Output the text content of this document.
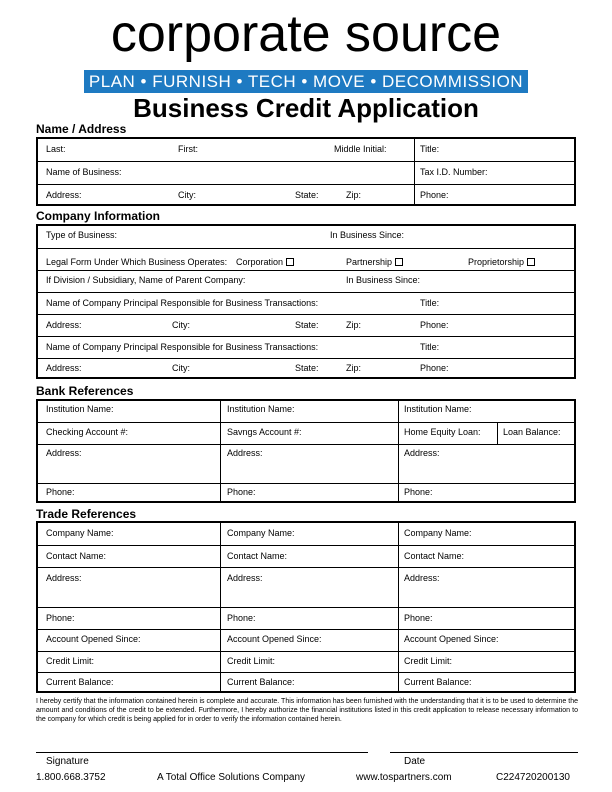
corporate source
PLAN • FURNISH • TECH • MOVE • DECOMMISSION
Business Credit Application
Name / Address
Last:	First:	Middle Initial:	Title:
Name of Business:	Tax I.D. Number:
Address:	City:	State:	Zip:	Phone:
Company Information
Type of Business:	In Business Since:
Legal Form Under Which Business Operates: Corporation	Partnership	Proprietorship
If Division / Subsidiary, Name of Parent Company:	In Business Since:
Name of Company Principal Responsible for Business Transactions:	Title:
Address:	City:	State:	Zip:	Phone:
Name of Company Principal Responsible for Business Transactions:	Title:
Address:	City:	State:	Zip:	Phone:
Bank References
Institution Name:	Institution Name:	Institution Name:
Checking Account #:	Savngs Account #:	Home Equity Loan: Loan Balance:
Address:	Address:	Address:
Phone:	Phone:	Phone:
Trade References
Company Name:	Company Name:	Company Name:
Contact Name:	Contact Name:	Contact Name:
Address:	Address:	Address:
Phone:	Phone:	Phone:
Account Opened Since:	Account Opened Since:	Account Opened Since:
Credit Limit:	Credit Limit:	Credit Limit:
Current Balance:	Current Balance:	Current Balance:
I hereby certify that the information contained herein is complete and accurate. This information has been furnished with the understanding that it is to be used to determine the amount and conditions of the credit to be extended. Furthermore, I hereby authorize the financial institutions listed in this credit application to release necessary information to the company for which credit is being applied for in order to verify the information contained herein.
Signature	Date
1.800.668.3752	A Total Office Solutions Company	www.tospartners.com	C224720200130
